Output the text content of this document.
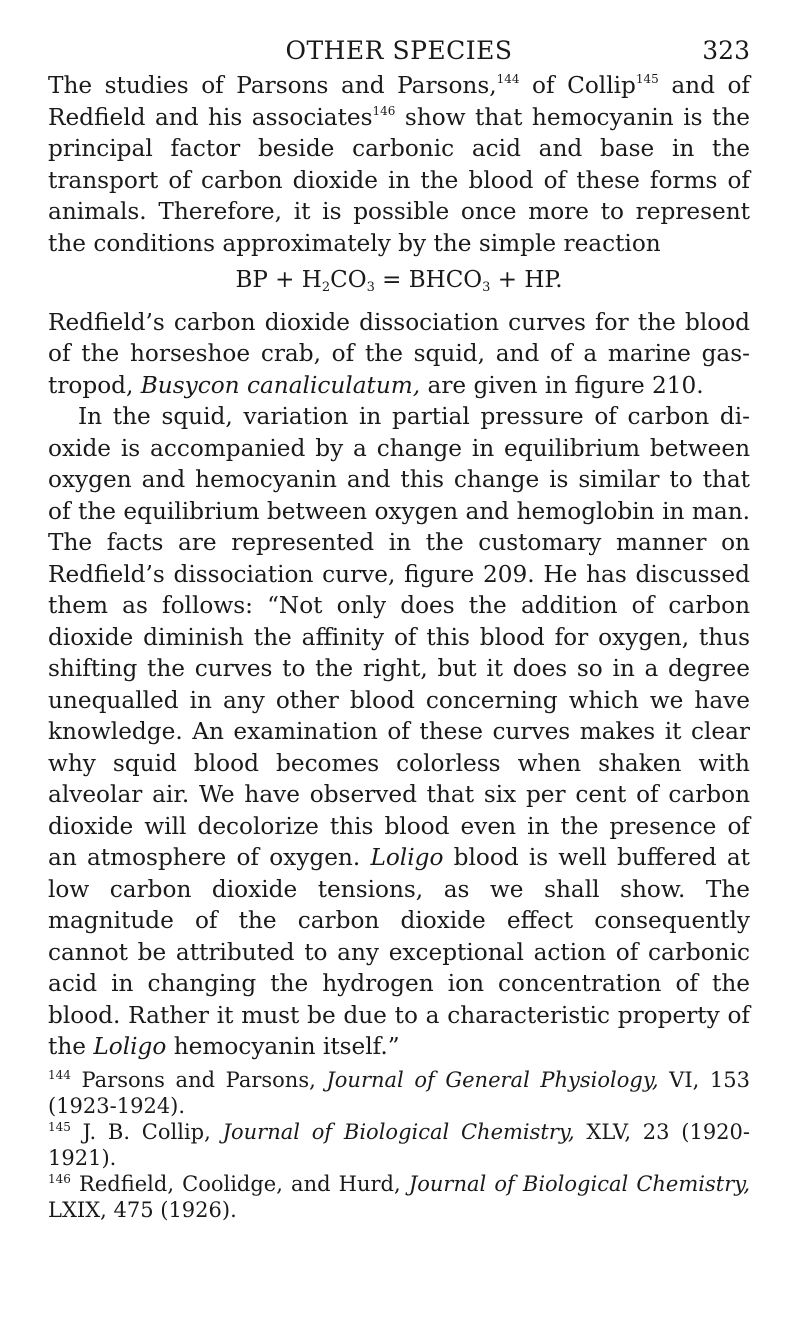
OTHER SPECIES	323

The studies of Parsons and Parsons,$^{144}$ of Collip$^{145}$ and of Redfield and his associates$^{146}$ show that hemocyanin is the principal factor beside carbonic acid and base in the transport of carbon dioxide in the blood of these forms of animals. Therefore, it is possible once more to represent the conditions approximately by the simple reaction

BP + $H_2CO_3$ = $BHCO_3$ + HP.

Redfield’s carbon dioxide dissociation curves for the blood of the horseshoe crab, of the squid, and of a marine gastropod, Busycon canaliculatum, are given in figure 210.

In the squid, variation in partial pressure of carbon dioxide is accompanied by a change in equilibrium between oxygen and hemocyanin and this change is similar to that of the equilibrium between oxygen and hemoglobin in man. The facts are represented in the customary manner on Redfield’s dissociation curve, figure 209. He has discussed them as follows: “Not only does the addition of carbon dioxide diminish the affinity of this blood for oxygen, thus shifting the curves to the right, but it does so in a degree unequalled in any other blood concerning which we have knowledge. An examination of these curves makes it clear why squid blood becomes colorless when shaken with alveolar air. We have observed that six per cent of carbon dioxide will decolorize this blood even in the presence of an atmosphere of oxygen. Loligo blood is well buffered at low carbon dioxide tensions, as we shall show. The magnitude of the carbon dioxide effect consequently cannot be attributed to any exceptional action of carbonic acid in changing the hydrogen ion concentration of the blood. Rather it must be due to a characteristic property of the Loligo hemocyanin itself.”

$^{144}$ Parsons and Parsons, Journal of General Physiology, VI, 153 (1923-1924).

$^{145}$ J. B. Collip, Journal of Biological Chemistry, XLV, 23 (1920-1921).

$^{146}$ Redfield, Coolidge, and Hurd, Journal of Biological Chemistry, LXIX, 475 (1926).
